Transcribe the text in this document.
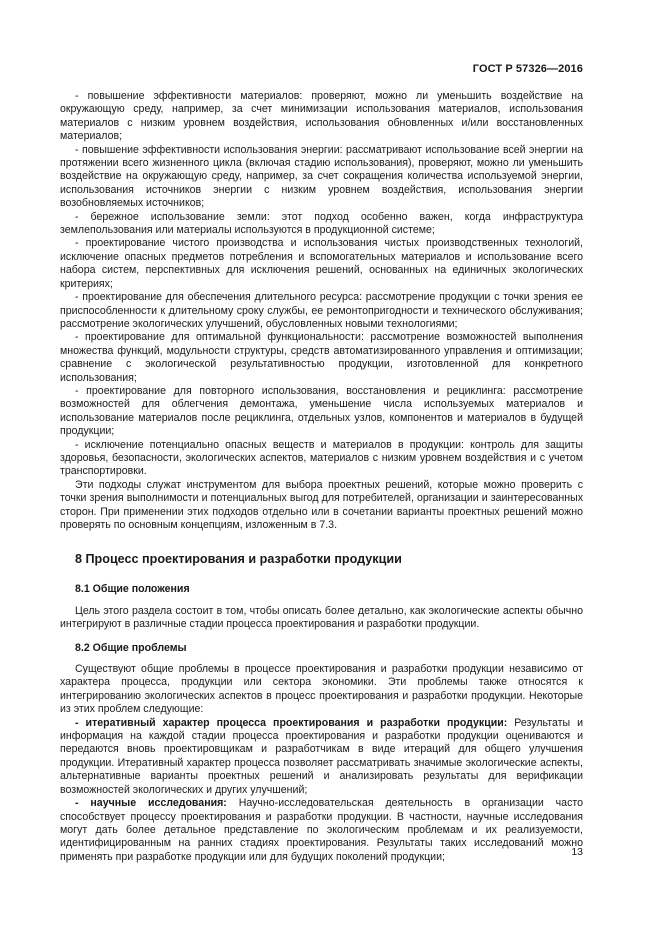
ГОСТ Р 57326—2016

- повышение эффективности материалов: проверяют, можно ли уменьшить воздействие на окружающую среду, например, за счет минимизации использования материалов, использования материалов с низким уровнем воздействия, использования обновленных и/или восстановленных материалов;

- повышение эффективности использования энергии: рассматривают использование всей энергии на протяжении всего жизненного цикла (включая стадию использования), проверяют, можно ли уменьшить воздействие на окружающую среду, например, за счет сокращения количества используемой энергии, использования источников энергии с низким уровнем воздействия, использования энергии возобновляемых источников;

- бережное использование земли: этот подход особенно важен, когда инфраструктура землепользования или материалы используются в продукционной системе;

- проектирование чистого производства и использования чистых производственных технологий, исключение опасных предметов потребления и вспомогательных материалов и использование всего набора систем, перспективных для исключения решений, основанных на единичных экологических критериях;

- проектирование для обеспечения длительного ресурса: рассмотрение продукции с точки зрения ее приспособленности к длительному сроку службы, ее ремонтопригодности и технического обслуживания; рассмотрение экологических улучшений, обусловленных новыми технологиями;

- проектирование для оптимальной функциональности: рассмотрение возможностей выполнения множества функций, модульности структуры, средств автоматизированного управления и оптимизации; сравнение с экологической результативностью продукции, изготовленной для конкретного использования;

- проектирование для повторного использования, восстановления и рециклинга: рассмотрение возможностей для облегчения демонтажа, уменьшение числа используемых материалов и использование материалов после рециклинга, отдельных узлов, компонентов и материалов в будущей продукции;

- исключение потенциально опасных веществ и материалов в продукции: контроль для защиты здоровья, безопасности, экологических аспектов, материалов с низким уровнем воздействия и с учетом транспортировки.

Эти подходы служат инструментом для выбора проектных решений, которые можно проверить с точки зрения выполнимости и потенциальных выгод для потребителей, организации и заинтересованных сторон. При применении этих подходов отдельно или в сочетании варианты проектных решений можно проверять по основным концепциям, изложенным в 7.3.

8 Процесс проектирования и разработки продукции
8.1 Общие положения

Цель этого раздела состоит в том, чтобы описать более детально, как экологические аспекты обычно интегрируют в различные стадии процесса проектирования и разработки продукции.

8.2 Общие проблемы

Существуют общие проблемы в процессе проектирования и разработки продукции независимо от характера процесса, продукции или сектора экономики. Эти проблемы также относятся к интегрированию экологических аспектов в процесс проектирования и разработки продукции. Некоторые из этих проблем следующие:

- итеративный характер процесса проектирования и разработки продукции: Результаты и информация на каждой стадии процесса проектирования и разработки продукции оцениваются и передаются вновь проектировщикам и разработчикам в виде итераций для общего улучшения продукции. Итеративный характер процесса позволяет рассматривать значимые экологические аспекты, альтернативные варианты проектных решений и анализировать результаты для верификации возможностей экологических и других улучшений;

- научные исследования: Научно-исследовательская деятельность в организации часто способствует процессу проектирования и разработки продукции. В частности, научные исследования могут дать более детальное представление по экологическим проблемам и их реализуемости, идентифицированным на ранних стадиях проектирования. Результаты таких исследований можно применять при разработке продукции или для будущих поколений продукции;	13
